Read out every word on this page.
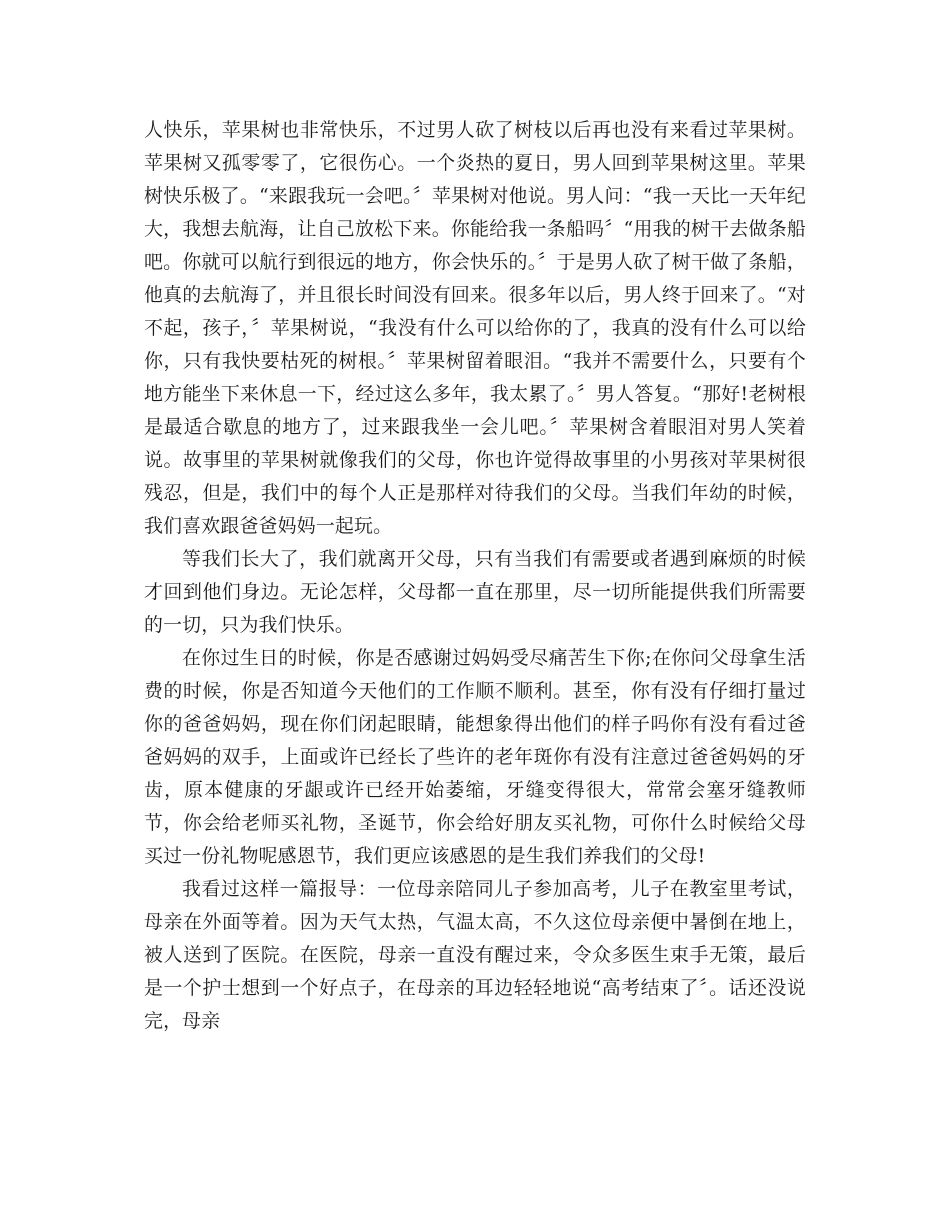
人快乐，苹果树也非常快乐，不过男人砍了树枝以后再也没有来看过苹果树。苹果树又孤零零了，它很伤心。一个炎热的夏日，男人回到苹果树这里。苹果树快乐极了。“来跟我玩一会吧。〞苹果树对他说。男人问：“我一天比一天年纪大，我想去航海，让自己放松下来。你能给我一条船吗〞“用我的树干去做条船吧。你就可以航行到很远的地方，你会快乐的。〞于是男人砍了树干做了条船，他真的去航海了，并且很长时间没有回来。很多年以后，男人终于回来了。“对不起，孩子，〞苹果树说，“我没有什么可以给你的了，我真的没有什么可以给你，只有我快要枯死的树根。〞苹果树留着眼泪。“我并不需要什么，只要有个地方能坐下来休息一下，经过这么多年，我太累了。〞男人答复。“那好!老树根是最适合歇息的地方了，过来跟我坐一会儿吧。〞苹果树含着眼泪对男人笑着说。故事里的苹果树就像我们的父母，你也许觉得故事里的小男孩对苹果树很残忍，但是，我们中的每个人正是那样对待我们的父母。当我们年幼的时候，我们喜欢跟爸爸妈妈一起玩。

等我们长大了，我们就离开父母，只有当我们有需要或者遇到麻烦的时候才回到他们身边。无论怎样，父母都一直在那里，尽一切所能提供我们所需要的一切，只为我们快乐。

在你过生日的时候，你是否感谢过妈妈受尽痛苦生下你;在你问父母拿生活费的时候，你是否知道今天他们的工作顺不顺利。甚至，你有没有仔细打量过你的爸爸妈妈，现在你们闭起眼睛，能想象得出他们的样子吗你有没有看过爸爸妈妈的双手，上面或许已经长了些许的老年斑你有没有注意过爸爸妈妈的牙齿，原本健康的牙龈或许已经开始萎缩，牙缝变得很大，常常会塞牙缝教师节，你会给老师买礼物，圣诞节，你会给好朋友买礼物，可你什么时候给父母买过一份礼物呢感恩节，我们更应该感恩的是生我们养我们的父母!

我看过这样一篇报导：一位母亲陪同儿子参加高考，儿子在教室里考试，母亲在外面等着。因为天气太热，气温太高，不久这位母亲便中暑倒在地上，被人送到了医院。在医院，母亲一直没有醒过来，令众多医生束手无策，最后是一个护士想到一个好点子，在母亲的耳边轻轻地说“高考结束了〞。话还没说完，母亲
